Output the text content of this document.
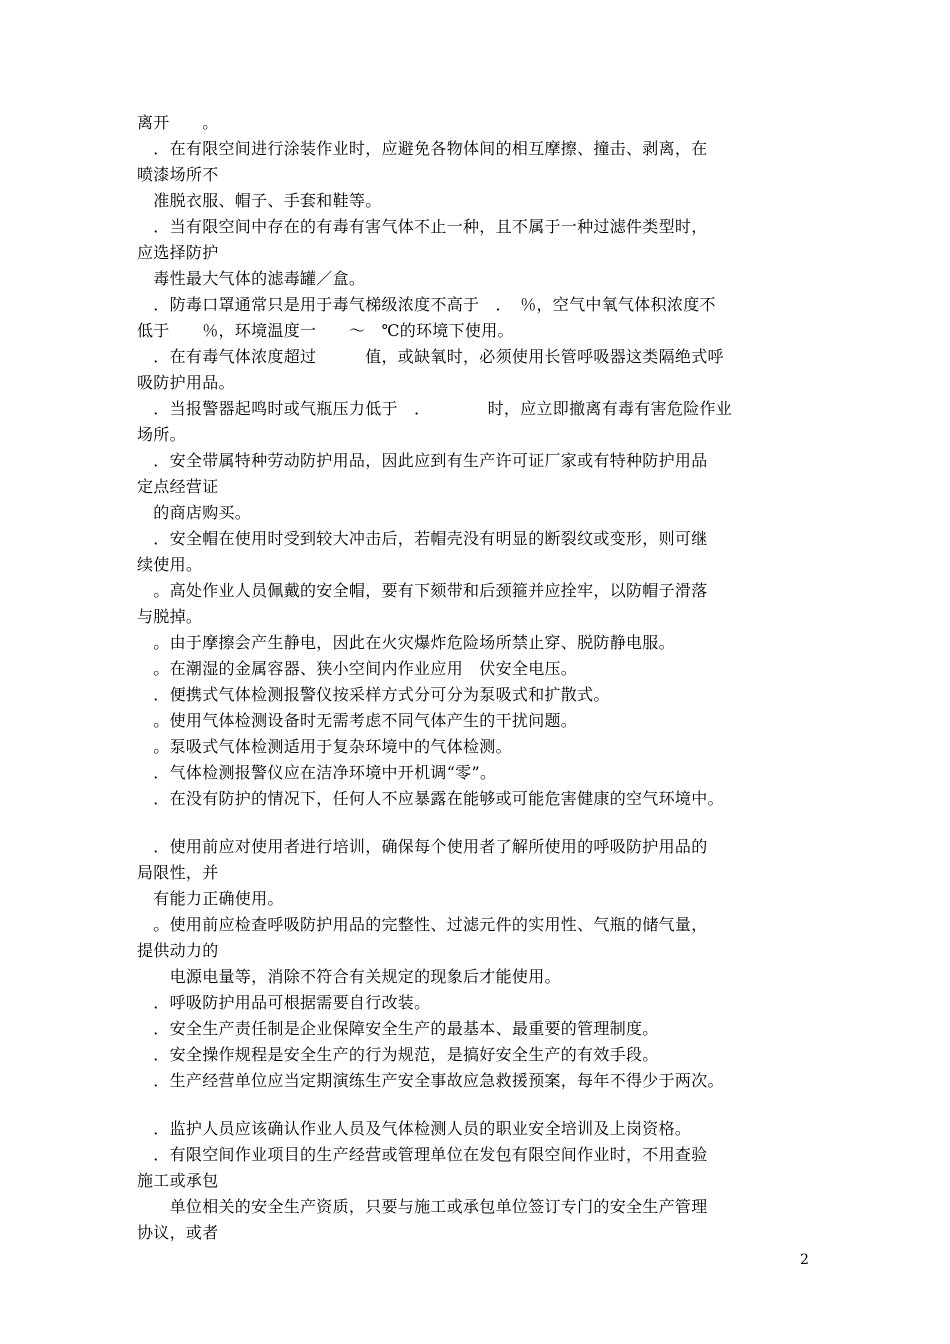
离开　　。
　．在有限空间进行涂装作业时，应避免各物体间的相互摩擦、撞击、剥离，在
喷漆场所不
　准脱衣服、帽子、手套和鞋等。
　．当有限空间中存在的有毒有害气体不止一种，且不属于一种过滤件类型时，
应选择防护
　毒性最大气体的滤毒罐／盒。
　．防毒口罩通常只是用于毒气梯级浓度不高于　．　％，空气中氧气体积浓度不
低于　　％，环境温度一　　～　℃的环境下使用。
　．在有毒气体浓度超过　　　值，或缺氧时，必须使用长管呼吸器这类隔绝式呼
吸防护用品。
　．当报警器起鸣时或气瓶压力低于　．　　　　时，应立即撤离有毒有害危险作业
场所。
　．安全带属特种劳动防护用品，因此应到有生产许可证厂家或有特种防护用品
定点经营证
　的商店购买。
　．安全帽在使用时受到较大冲击后，若帽壳没有明显的断裂纹或变形，则可继
续使用。
　。高处作业人员佩戴的安全帽，要有下颏带和后颈箍并应拴牢，以防帽子滑落
与脱掉。
　。由于摩擦会产生静电，因此在火灾爆炸危险场所禁止穿、脱防静电服。
　。在潮湿的金属容器、狭小空间内作业应用　伏安全电压。
　．便携式气体检测报警仪按采样方式分可分为泵吸式和扩散式。
　。使用气体检测设备时无需考虑不同气体产生的干扰问题。
　。泵吸式气体检测适用于复杂环境中的气体检测。
　．气体检测报警仪应在洁净环境中开机调“零”。
　．在没有防护的情况下，任何人不应暴露在能够或可能危害健康的空气环境中。
　．使用前应对使用者进行培训，确保每个使用者了解所使用的呼吸防护用品的
局限性，并
　有能力正确使用。
　。使用前应检查呼吸防护用品的完整性、过滤元件的实用性、气瓶的储气量，
提供动力的
　　电源电量等，消除不符合有关规定的现象后才能使用。
　．呼吸防护用品可根据需要自行改装。
　．安全生产责任制是企业保障安全生产的最基本、最重要的管理制度。
　．安全操作规程是安全生产的行为规范，是搞好安全生产的有效手段。
　．生产经营单位应当定期演练生产安全事故应急救援预案，每年不得少于两次。
　．监护人员应该确认作业人员及气体检测人员的职业安全培训及上岗资格。
　．有限空间作业项目的生产经营或管理单位在发包有限空间作业时，不用查验
施工或承包
　　单位相关的安全生产资质，只要与施工或承包单位签订专门的安全生产管理
协议，或者
2
